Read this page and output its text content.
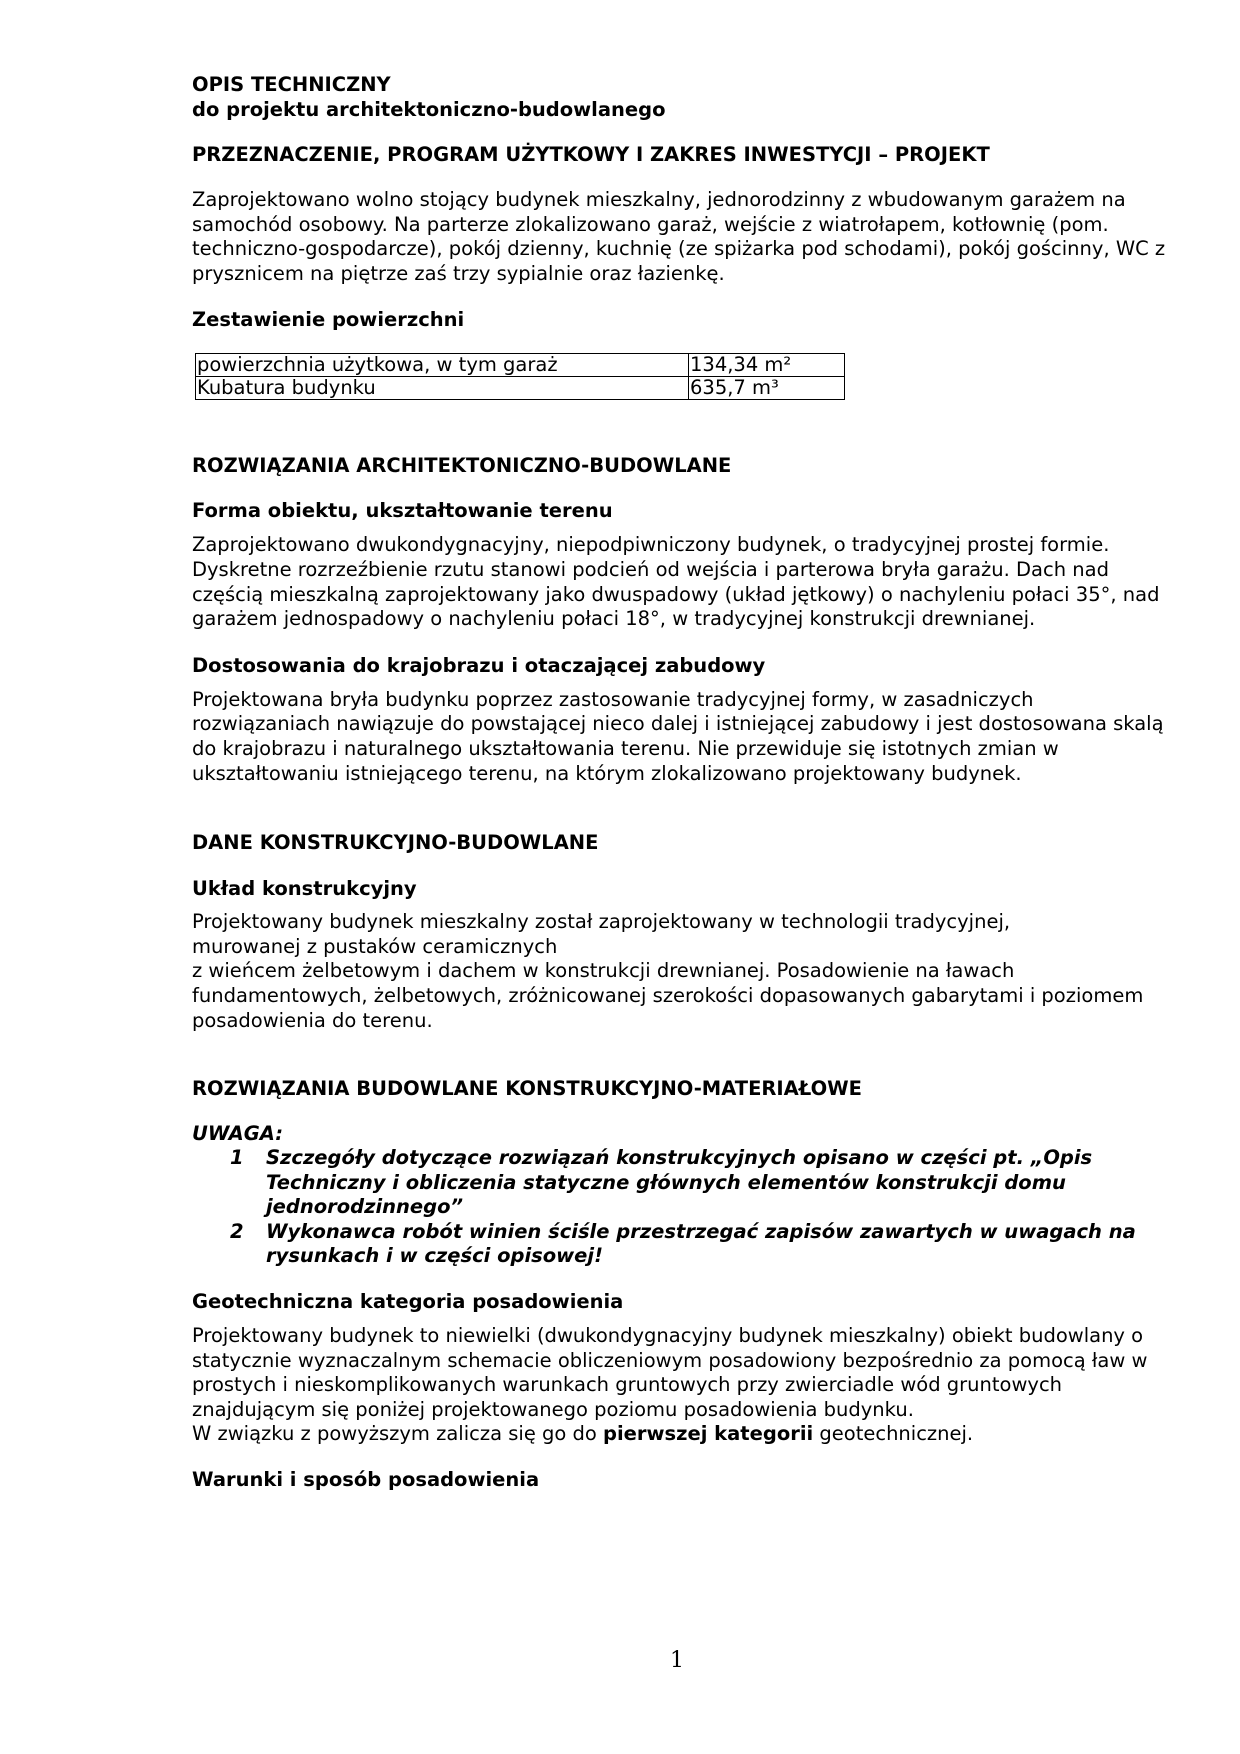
OPIS TECHNICZNY

do projektu architektoniczno-budowlanego

PRZEZNACZENIE, PROGRAM UŻYTKOWY I ZAKRES INWESTYCJI – PROJEKT

Zaprojektowano wolno stojący budynek mieszkalny, jednorodzinny z wbudowanym garażem na samochód osobowy. Na parterze zlokalizowano garaż, wejście z wiatrołapem, kotłownię (pom. techniczno-gospodarcze), pokój dzienny, kuchnię (ze spiżarka pod schodami), pokój gościnny, WC z prysznicem na piętrze zaś trzy sypialnie oraz łazienkę.

Zestawienie powierzchni

powierzchnia użytkowa, w tym garaż	134,34 m²
Kubatura budynku	635,7 m³

ROZWIĄZANIA ARCHITEKTONICZNO-BUDOWLANE

Forma obiektu, ukształtowanie terenu

Zaprojektowano dwukondygnacyjny, niepodpiwniczony budynek, o tradycyjnej prostej formie. Dyskretne rozrzeźbienie rzutu stanowi podcień od wejścia i parterowa bryła garażu. Dach nad częścią mieszkalną zaprojektowany jako dwuspadowy (układ jętkowy) o nachyleniu połaci 35°, nad garażem jednospadowy o nachyleniu połaci 18°, w tradycyjnej konstrukcji drewnianej.

Dostosowania do krajobrazu i otaczającej zabudowy

Projektowana bryła budynku poprzez zastosowanie tradycyjnej formy, w zasadniczych rozwiązaniach nawiązuje do powstającej nieco dalej i istniejącej zabudowy i jest dostosowana skalą do krajobrazu i naturalnego ukształtowania terenu. Nie przewiduje się istotnych zmian w ukształtowaniu istniejącego terenu, na którym zlokalizowano projektowany budynek.

DANE KONSTRUKCYJNO-BUDOWLANE

Układ konstrukcyjny

Projektowany budynek mieszkalny został zaprojektowany w technologii tradycyjnej, murowanej z pustaków ceramicznych

z wieńcem żelbetowym i dachem w konstrukcji drewnianej. Posadowienie na ławach fundamentowych, żelbetowych, zróżnicowanej szerokości dopasowanych gabarytami i poziomem posadowienia do terenu.

ROZWIĄZANIA BUDOWLANE KONSTRUKCYJNO-MATERIAŁOWE

UWAGA:

1 Szczegóły dotyczące rozwiązań konstrukcyjnych opisano w części pt. „Opis Techniczny i obliczenia statyczne głównych elementów konstrukcji domu jednorodzinnego”
2 Wykonawca robót winien ściśle przestrzegać zapisów zawartych w uwagach na rysunkach i w części opisowej!

Geotechniczna kategoria posadowienia

Projektowany budynek to niewielki (dwukondygnacyjny budynek mieszkalny) obiekt budowlany o statycznie wyznaczalnym schemacie obliczeniowym posadowiony bezpośrednio za pomocą ław w prostych i nieskomplikowanych warunkach gruntowych przy zwierciadle wód gruntowych znajdującym się poniżej projektowanego poziomu posadowienia budynku.

W związku z powyższym zalicza się go do pierwszej kategorii geotechnicznej.

Warunki i sposób posadowienia

1
